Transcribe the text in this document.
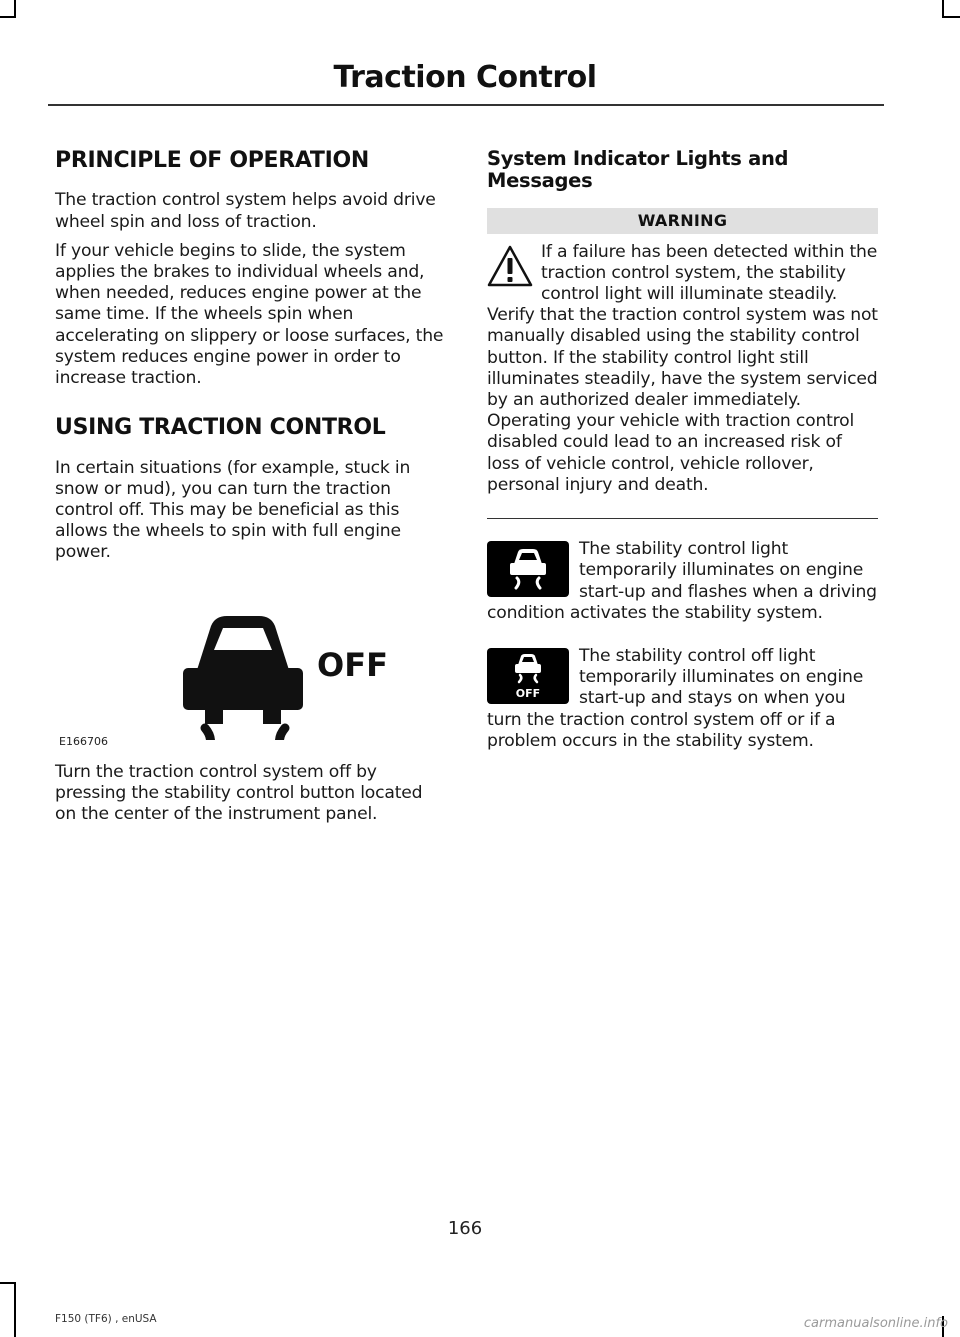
Traction Control
PRINCIPLE OF OPERATION

The traction control system helps avoid drive wheel spin and loss of traction.

If your vehicle begins to slide, the system applies the brakes to individual wheels and, when needed, reduces engine power at the same time. If the wheels spin when accelerating on slippery or loose surfaces, the system reduces engine power in order to increase traction.

USING TRACTION CONTROL

In certain situations (for example, stuck in snow or mud), you can turn the traction control off. This may be beneficial as this allows the wheels to spin with full engine power.

OFF
E166706

Turn the traction control system off by pressing the stability control button located on the center of the instrument panel.

System Indicator Lights and Messages
WARNING

If a failure has been detected within the traction control system, the stability control light will illuminate steadily. Verify that the traction control system was not manually disabled using the stability control button. If the stability control light still illuminates steadily, have the system serviced by an authorized dealer immediately. Operating your vehicle with traction control disabled could lead to an increased risk of loss of vehicle control, vehicle rollover, personal injury and death.

The stability control light temporarily illuminates on engine start-up and flashes when a driving condition activates the stability system.

OFF

The stability control off light temporarily illuminates on engine start-up and stays on when you turn the traction control system off or if a problem occurs in the stability system.

166
F150 (TF6) , enUSA	carmanualsonline.info
